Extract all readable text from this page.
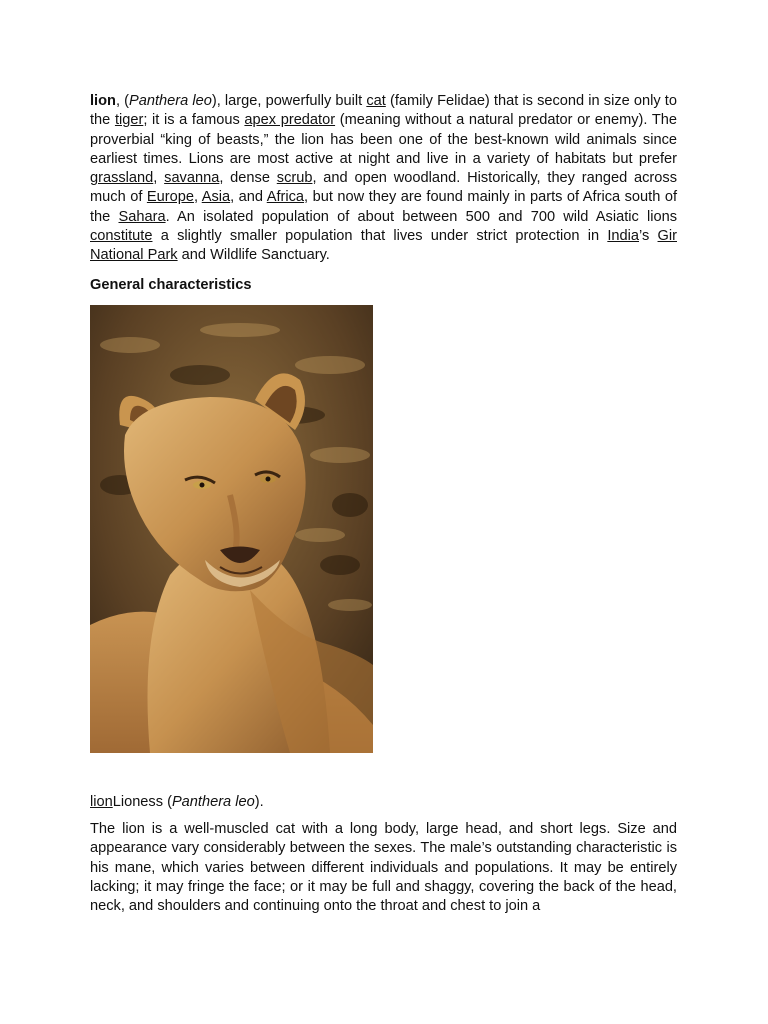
lion, (Panthera leo), large, powerfully built cat (family Felidae) that is second in size only to the tiger; it is a famous apex predator (meaning without a natural predator or enemy). The proverbial “king of beasts,” the lion has been one of the best-known wild animals since earliest times. Lions are most active at night and live in a variety of habitats but prefer grassland, savanna, dense scrub, and open woodland. Historically, they ranged across much of Europe, Asia, and Africa, but now they are found mainly in parts of Africa south of the Sahara. An isolated population of about between 500 and 700 wild Asiatic lions constitute a slightly smaller population that lives under strict protection in India’s Gir National Park and Wildlife Sanctuary.

General characteristics

lionLioness (Panthera leo).

The lion is a well-muscled cat with a long body, large head, and short legs. Size and appearance vary considerably between the sexes. The male’s outstanding characteristic is his mane, which varies between different individuals and populations. It may be entirely lacking; it may fringe the face; or it may be full and shaggy, covering the back of the head, neck, and shoulders and continuing onto the throat and chest to join a
